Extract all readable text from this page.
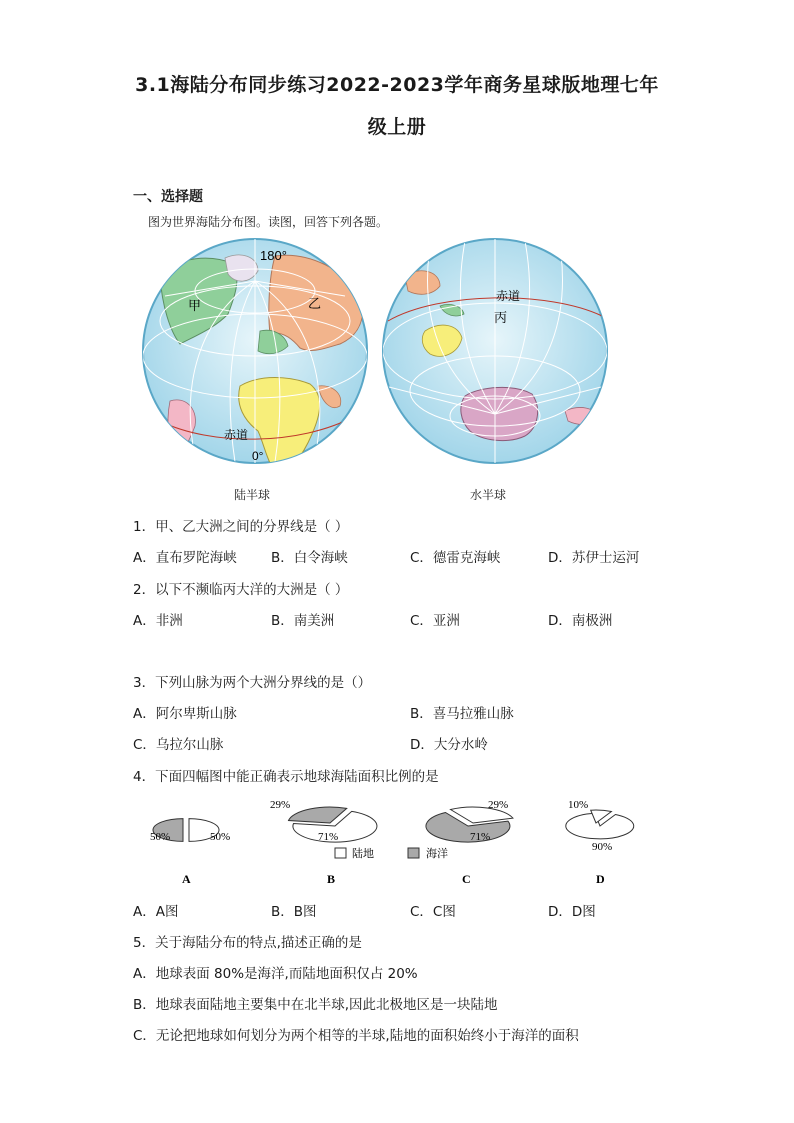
3.1海陆分布同步练习2022-2023学年商务星球版地理七年
级上册
一、选择题
图为世界海陆分布图。读图，回答下列各题。
180°
甲	乙
赤道
0°
赤道
丙
陆半球	水半球
1．甲、乙大洲之间的分界线是（ ）
A．直布罗陀海峡	B．白令海峡	C．德雷克海峡	D．苏伊士运河
2．以下不濒临丙大洋的大洲是（ ）
A．非洲	B．南美洲	C．亚洲	D．南极洲
3．下列山脉为两个大洲分界线的是（）
A．阿尔卑斯山脉	B．喜马拉雅山脉
C．乌拉尔山脉	D．大分水岭
4．下面四幅图中能正确表示地球海陆面积比例的是
50%	50%
A
29%
71%
B
29%
71%
C
10%
90%
D
陆地	海洋
A．A图	B．B图	C．C图	D．D图
5．关于海陆分布的特点,描述正确的是
A．地球表面 80%是海洋,而陆地面积仅占 20%
B．地球表面陆地主要集中在北半球,因此北极地区是一块陆地
C．无论把地球如何划分为两个相等的半球,陆地的面积始终小于海洋的面积
